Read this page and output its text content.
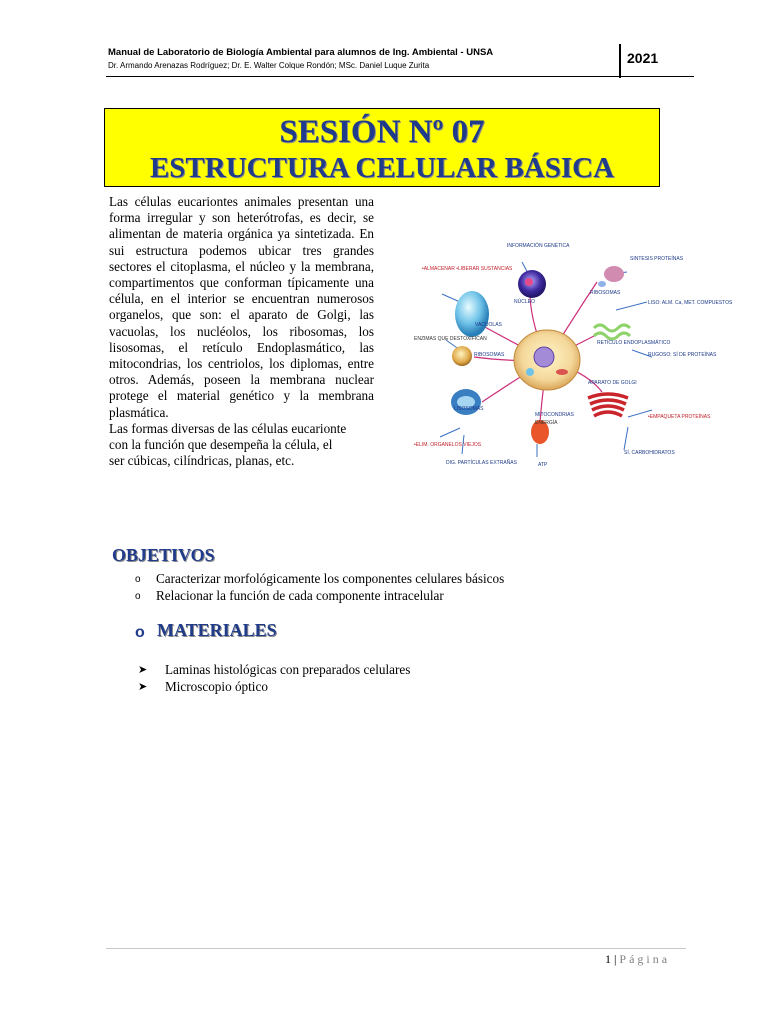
Manual de Laboratorio de Biología Ambiental para alumnos de Ing. Ambiental - UNSA
Dr. Armando Arenazas Rodríguez; Dr. E. Walter Colque Rondón; MSc. Daniel Luque Zurita	2021
SESIÓN Nº 07
ESTRUCTURA CELULAR BÁSICA

Las células eucariontes animales presentan una forma irregular y son heterótrofas, es decir, se alimentan de materia orgánica ya sintetizada. En sui estructura podemos ubicar tres grandes sectores el citoplasma, el núcleo y la membrana, compartimentos que conforman típicamente una célula, en el interior se encuentran numerosos organelos, que son: el aparato de Golgi, las vacuolas, los nucléolos, los ribosomas, los lisosomas, el retículo Endoplasmático, las mitocondrias, los centriolos, los diplomas, entre otros. Además, poseen la membrana nuclear protege el material genético y la membrana plasmática.

Las formas diversas de las células eucarionte

con la función que desempeña la célula, el

ser cúbicas, cilíndricas, planas, etc.

INFORMACIÓN GENÉTICA
SINTESIS PROTEÍNAS
•ALMACENAR •LIBERAR SUSTANCIAS
NÚCLEO
RIBOSOMAS
LISO: ALM. Ca, MET. COMPUESTOS
VACUOLAS
RETÍCULO ENDOPLASMÁTICO
ENZIMAS QUE DESTOXIFICAN
RIBOSOMAS	RUGOSO: SÍ DE PROTEÍNAS
APARATO DE GOLGI
LISOSOMAS
•EMPAQUETA PROTEÍNAS
MITOCONDRIAS
ENERGÍA
•ELIM. ORGANELOS VIEJOS
DIG. PARTÍCULAS EXTRAÑAS	ATP
SÍ. CARBOHIDRATOS
OBJETIVOS
o Caracterizar morfológicamente los componentes celulares básicos
o Relacionar la función de cada componente intracelular
o MATERIALES
➤ Laminas histológicas con preparados celulares
➤ Microscopio óptico
1 | Página
